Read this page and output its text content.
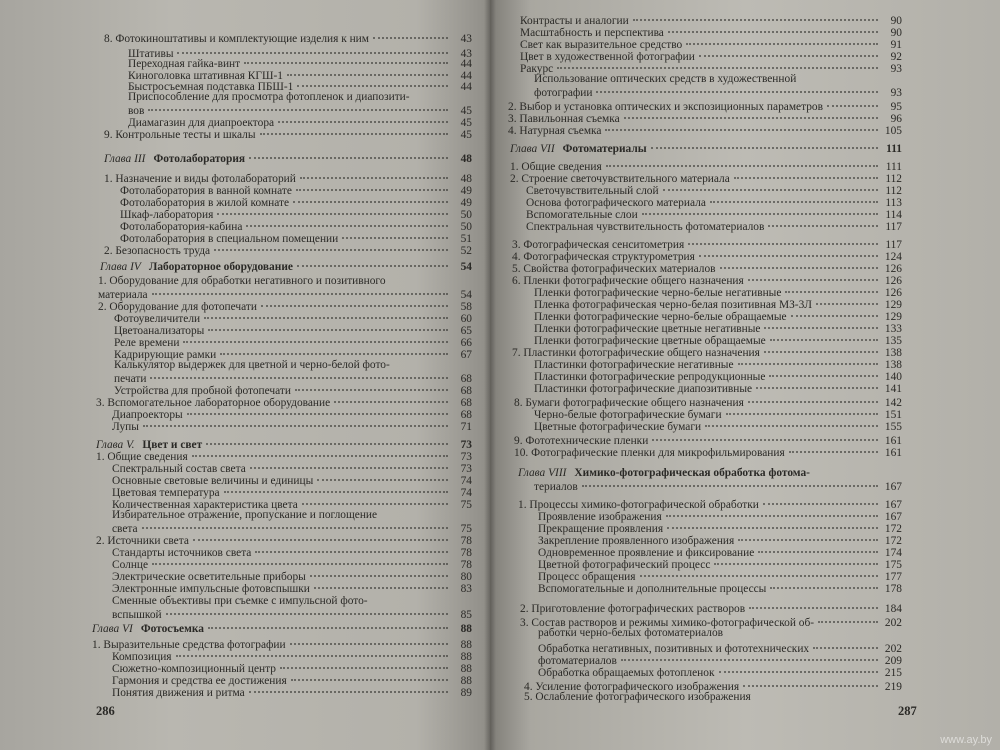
8. Фотокиноштативы и комплектующие изделия к ним	43
Штативы	43
Переходная гайка-винт	44
Киноголовка штативная КГШ-1	44
Быстросъемная подставка ПБШ-1	44
Приспособление для просмотра фотопленок и диапозити-
вов	45
Диамагазин для диапроектора	45
9. Контрольные тесты и шкалы	45
Глава III Фотолаборатория	48
1. Назначение и виды фотолабораторий	48
Фотолаборатория в ванной комнате	49
Фотолаборатория в жилой комнате	49
Шкаф-лаборатория	50
Фотолаборатория-кабина	50
Фотолаборатория в специальном помещении	51
2. Безопасность труда	52
Глава IV Лабораторное оборудование	54
1. Оборудование для обработки негативного и позитивного
материала	54
2. Оборудование для фотопечати	58
Фотоувеличители	60
Цветоанализаторы	65
Реле времени	66
Кадрирующие рамки	67
Калькулятор выдержек для цветной и черно-белой фото-
печати	68
Устройства для пробной фотопечати	68
3. Вспомогательное лабораторное оборудование	68
Диапроекторы	68
Лупы	71
Глава V. Цвет и свет	73
1. Общие сведения	73
Спектральный состав света	73
Основные световые величины и единицы	74
Цветовая температура	74
Количественная характеристика цвета	75
Избирательное отражение, пропускание и поглощение
света	75
2. Источники света	78
Стандарты источников света	78
Солнце	78
Электрические осветительные приборы	80
Электронные импульсные фотовспышки	83
Сменные объективы при съемке с импульсной фото-
вспышкой	85
Глава VI Фотосъемка	88
1. Выразительные средства фотографии	88
Композиция	88
Сюжетно-композиционный центр	88
Гармония и средства ее достижения	88
Понятия движения и ритма	89
286
Контрасты и аналогии	90
Масштабность и перспектива	90
Свет как выразительное средство	91
Цвет в художественной фотографии	92
Ракурс	93
Использование оптических средств в художественной
фотографии	93
2. Выбор и установка оптических и экспозиционных параметров	95
3. Павильонная съемка	96
4. Натурная съемка	105
Глава VII Фотоматериалы	111
1. Общие сведения	111
2. Строение светочувствительного материала	112
Светочувствительный слой	112
Основа фотографического материала	113
Вспомогательные слои	114
Спектральная чувствительность фотоматериалов	117
3. Фотографическая сенситометрия	117
4. Фотографическая структурометрия	124
5. Свойства фотографических материалов	126
6. Пленки фотографические общего назначения	126
Пленки фотографические черно-белые негативные	126
Пленка фотографическая черно-белая позитивная МЗ-3Л	129
Пленки фотографические черно-белые обращаемые	129
Пленки фотографические цветные негативные	133
Пленки фотографические цветные обращаемые	135
7. Пластинки фотографические общего назначения	138
Пластинки фотографические негативные	138
Пластинки фотографические репродукционные	140
Пластинки фотографические диапозитивные	141
8. Бумаги фотографические общего назначения	142
Черно-белые фотографические бумаги	151
Цветные фотографические бумаги	155
9. Фототехнические пленки	161
10. Фотографические пленки для микрофильмирования	161
Глава VIII Химико-фотографическая обработка фотома-
териалов	167
1. Процессы химико-фотографической обработки	167
Проявление изображения	167
Прекращение проявления	172
Закрепление проявленного изображения	172
Одновременное проявление и фиксирование	174
Цветной фотографический процесс	175
Процесс обращения	177
Вспомогательные и дополнительные процессы	178
2. Приготовление фотографических растворов	184
3. Состав растворов и режимы химико-фотографической об-	202
работки черно-белых фотоматериалов
Обработка негативных, позитивных и фототехнических	202
фотоматериалов	209
Обработка обращаемых фотопленок	215
4. Усиление фотографического изображения	219
5. Ослабление фотографического изображения
287
www.ay.by
